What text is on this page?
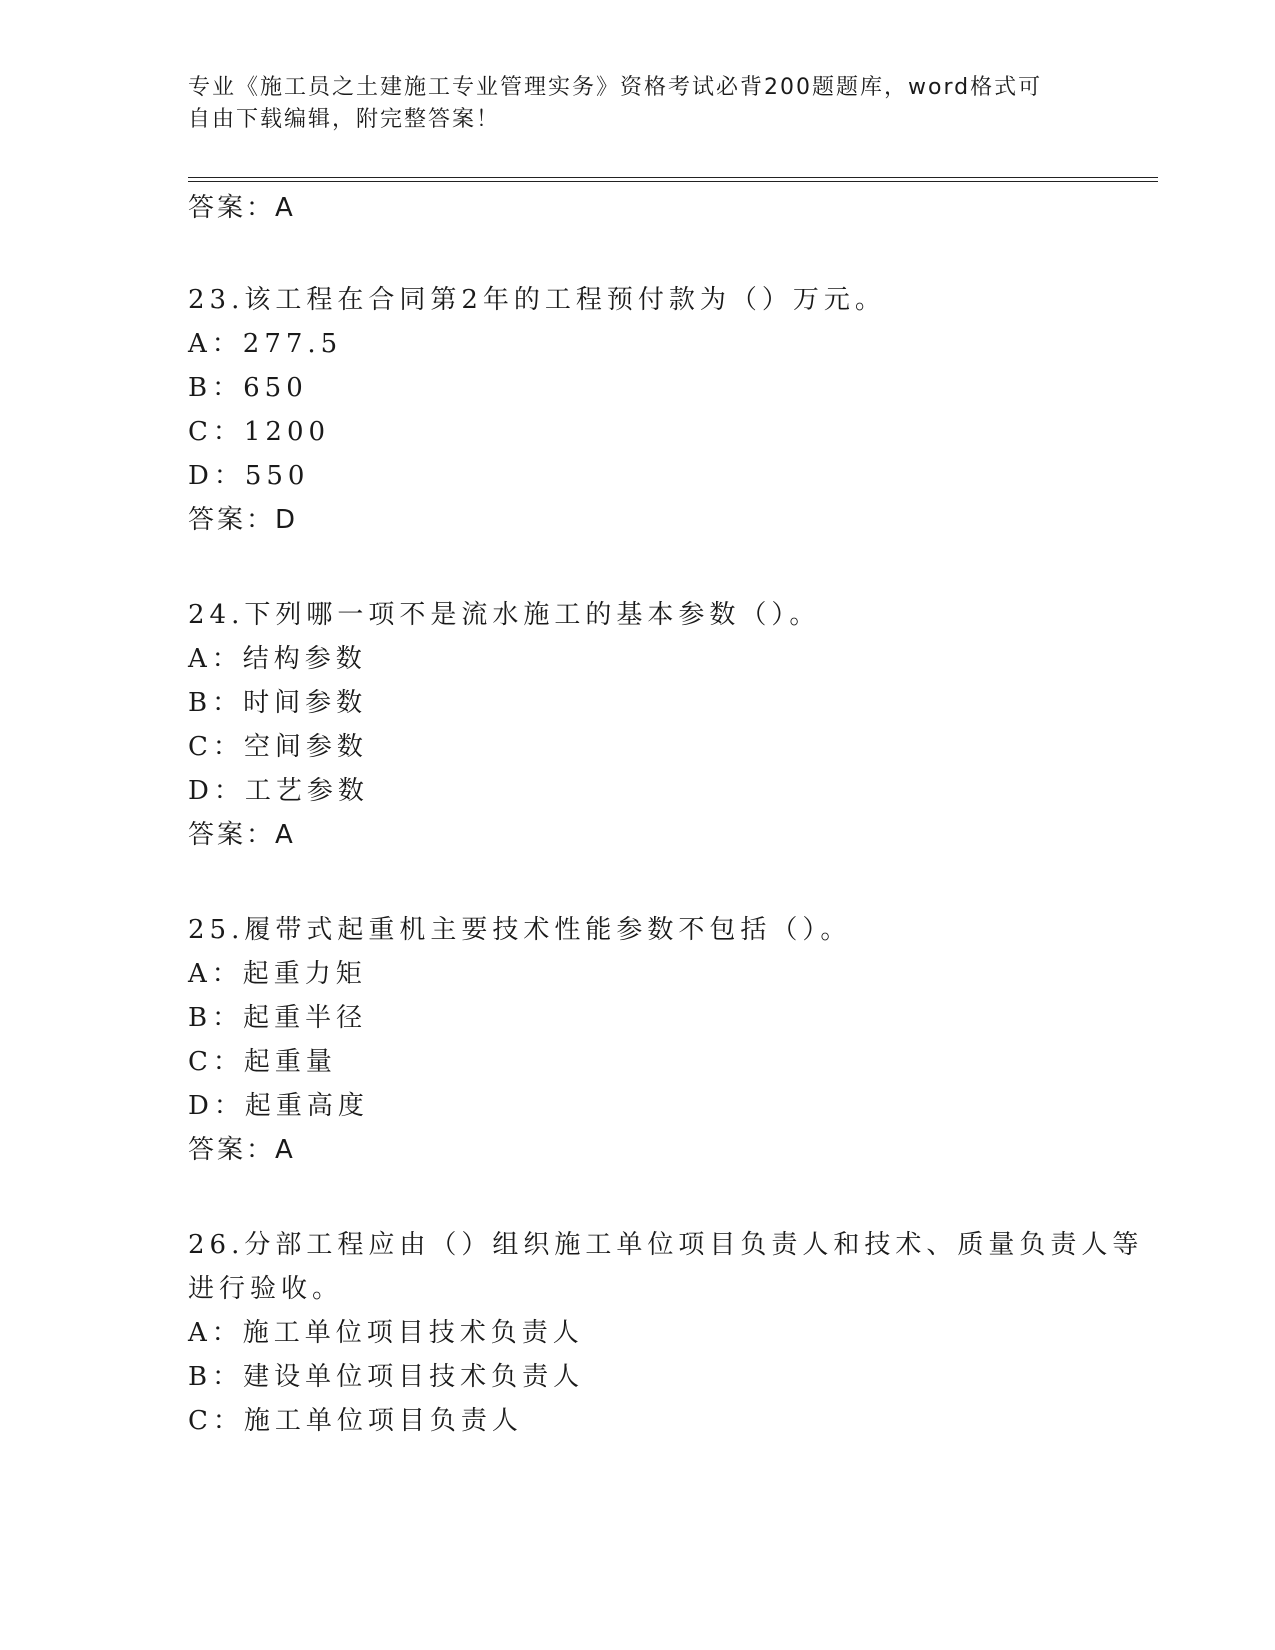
专业《施工员之土建施工专业管理实务》资格考试必背200题题库，word格式可
自由下载编辑，附完整答案！
答案：A
23.该工程在合同第2年的工程预付款为（）万元。
A：277.5
B：650
C：1200
D：550
答案：D
24.下列哪一项不是流水施工的基本参数（）。
A：结构参数
B：时间参数
C：空间参数
D：工艺参数
答案：A
25.履带式起重机主要技术性能参数不包括（）。
A：起重力矩
B：起重半径
C：起重量
D：起重高度
答案：A
26.分部工程应由（）组织施工单位项目负责人和技术、质量负责人等
进行验收。
A：施工单位项目技术负责人
B：建设单位项目技术负责人
C：施工单位项目负责人
